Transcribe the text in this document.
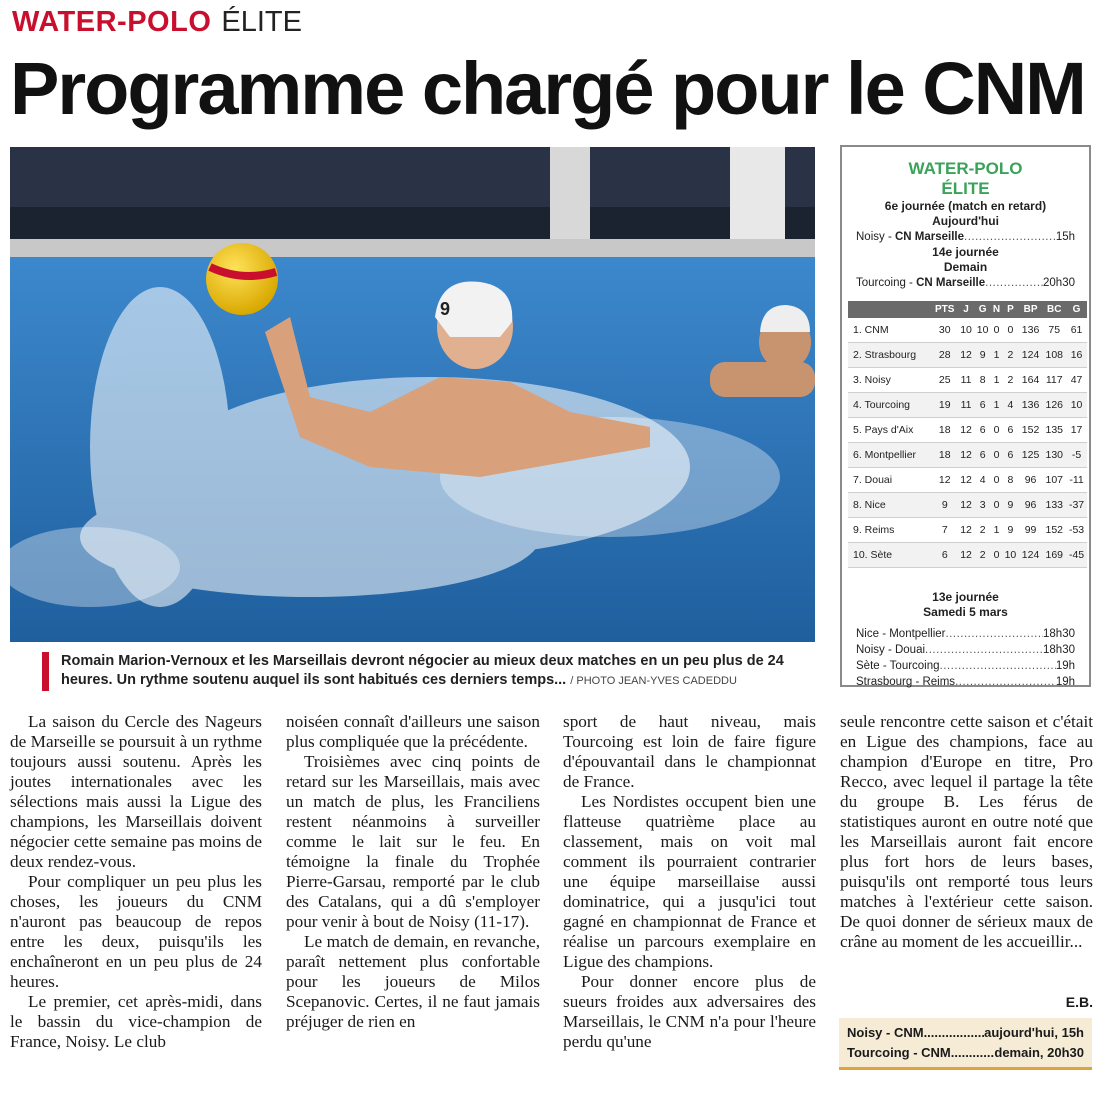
WATER-POLO ÉLITE
Programme chargé pour le CNM
9
Romain Marion-Vernoux et les Marseillais devront négocier au mieux deux matches en un peu plus de 24 heures. Un rythme soutenu auquel ils sont habitués ces derniers temps... / PHOTO JEAN-YVES CADEDDU
WATER-POLO
ÉLITE
6e journée (match en retard)
Aujourd'hui
Noisy - CN Marseille .....	15h
14e journée
Demain
Tourcoing - CN Marseille .....	20h30
	PTS	J	G	N	P	BP	BC	G
1. CNM	30	10	10	0	0	136	75	61
2. Strasbourg	28	12	9	1	2	124	108	16
3. Noisy	25	11	8	1	2	164	117	47
4. Tourcoing	19	11	6	1	4	136	126	10
5. Pays d'Aix	18	12	6	0	6	152	135	17
6. Montpellier	18	12	6	0	6	125	130	-5
7. Douai	12	12	4	0	8	96	107	-11
8. Nice	9	12	3	0	9	96	133	-37
9. Reims	7	12	2	1	9	99	152	-53
10. Sète	6	12	2	0	10	124	169	-45
13e journée
Samedi 5 mars
Nice - Montpellier .....	18h30
Noisy - Douai .....	18h30
Sète - Tourcoing .....	19h
Strasbourg - Reims .....	19h

La saison du Cercle des Nageurs de Marseille se poursuit à un rythme toujours aussi soutenu. Après les joutes internationales avec les sélections mais aussi la Ligue des champions, les Marseillais doivent négocier cette semaine pas moins de deux rendez-vous.

Pour compliquer un peu plus les choses, les joueurs du CNM n'auront pas beaucoup de repos entre les deux, puisqu'ils les enchaîneront en un peu plus de 24 heures.

Le premier, cet après-midi, dans le bassin du vice-champion de France, Noisy. Le club

noiséen connaît d'ailleurs une saison plus compliquée que la précédente.

Troisièmes avec cinq points de retard sur les Marseillais, mais avec un match de plus, les Franciliens restent néanmoins à surveiller comme le lait sur le feu. En témoigne la finale du Trophée Pierre-Garsau, remporté par le club des Catalans, qui a dû s'employer pour venir à bout de Noisy (11-17).

Le match de demain, en revanche, paraît nettement plus confortable pour les joueurs de Milos Scepanovic. Certes, il ne faut jamais préjuger de rien en

sport de haut niveau, mais Tourcoing est loin de faire figure d'épouvantail dans le championnat de France.

Les Nordistes occupent bien une flatteuse quatrième place au classement, mais on voit mal comment ils pourraient contrarier une équipe marseillaise aussi dominatrice, qui a jusqu'ici tout gagné en championnat de France et réalise un parcours exemplaire en Ligue des champions.

Pour donner encore plus de sueurs froides aux adversaires des Marseillais, le CNM n'a pour l'heure perdu qu'une

seule rencontre cette saison et c'était en Ligue des champions, face au champion d'Europe en titre, Pro Recco, avec lequel il partage la tête du groupe B. Les férus de statistiques auront en outre noté que les Marseillais auront fait encore plus fort hors de leurs bases, puisqu'ils ont remporté tous leurs matches à l'extérieur cette saison. De quoi donner de sérieux maux de crâne au moment de les accueillir...

E.B.
Noisy - CNM .....	aujourd'hui, 15h
Tourcoing - CNM .....	demain, 20h30
